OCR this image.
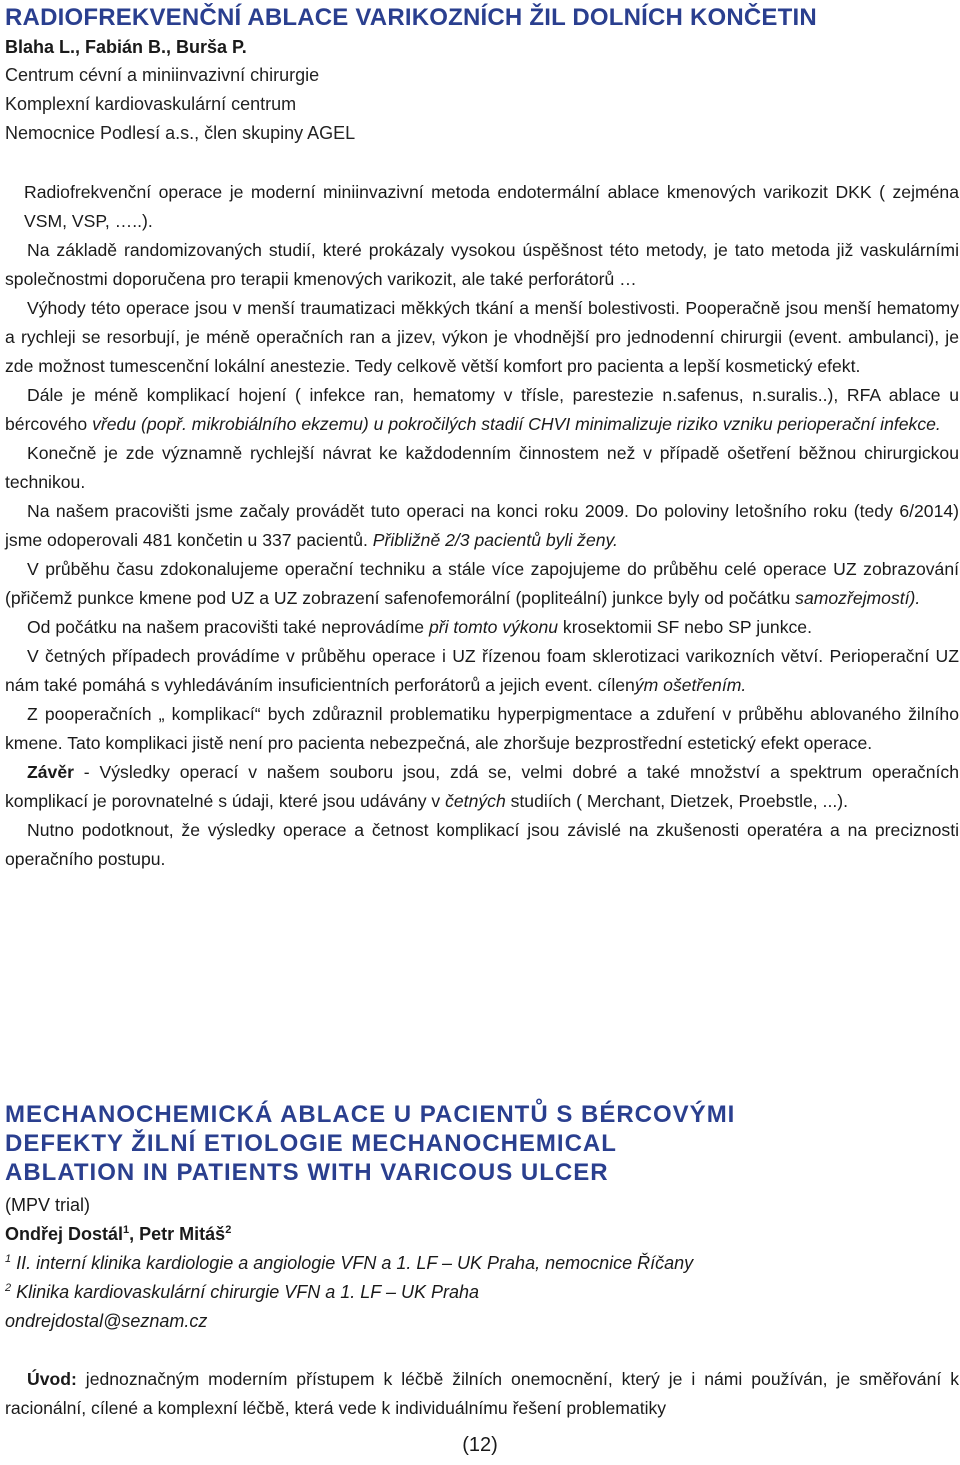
RADIOFREKVENČNÍ ABLACE VARIKOZNÍCH ŽIL DOLNÍCH KONČETIN
Blaha L., Fabián B., Burša P.
Centrum cévní a miniinvazivní chirurgie
Komplexní kardiovaskulární centrum
Nemocnice Podlesí a.s., člen skupiny AGEL

Radiofrekvenční operace je moderní miniinvazivní metoda endotermální ablace kmenových varikozit DKK ( zejména VSM, VSP, …..).

Na základě randomizovaných studií, které prokázaly vysokou úspěšnost této metody, je tato metoda již vaskulárními společnostmi doporučena pro terapii kmenových varikozit, ale také perforátorů …

Výhody této operace jsou v menší traumatizaci měkkých tkání a menší bolestivosti. Pooperačně jsou menší hematomy a rychleji se resorbují, je méně operačních ran a jizev, výkon je vhodnější pro jednodenní chirurgii (event. ambulanci), je zde možnost tumescenční lokální anestezie. Tedy celkově větší komfort pro pacienta a lepší kosmetický efekt.

Dále je méně komplikací hojení ( infekce ran, hematomy v třísle, parestezie n.safenus, n.suralis..), RFA ablace u bércového vředu (popř. mikrobiálního ekzemu) u pokročilých stadií CHVI minimalizuje riziko vzniku perioperační infekce.

Konečně je zde významně rychlejší návrat ke každodenním činnostem než v případě ošetření běžnou chirurgickou technikou.

Na našem pracovišti jsme začaly provádět tuto operaci na konci roku 2009. Do poloviny letošního roku (tedy 6/2014) jsme odoperovali 481 končetin u 337 pacientů. Přibližně 2/3 pacientů byli ženy.

V průběhu času zdokonalujeme operační techniku a stále více zapojujeme do průběhu celé operace UZ zobrazování (přičemž punkce kmene pod UZ a UZ zobrazení safenofemorální (popliteální) junkce byly od počátku samozřejmostí).

Od počátku na našem pracovišti také neprovádíme při tomto výkonu krosektomii SF nebo SP junkce.

V četných případech provádíme v průběhu operace i UZ řízenou foam sklerotizaci varikozních větví. Perioperační UZ nám také pomáhá s vyhledáváním insuficientních perforátorů a jejich event. cíleným ošetřením.

Z pooperačních „ komplikací“ bych zdůraznil problematiku hyperpigmentace a zduření v průběhu ablovaného žilního kmene. Tato komplikaci jistě není pro pacienta nebezpečná, ale zhoršuje bezprostřední estetický efekt operace.

Závěr - Výsledky operací v našem souboru jsou, zdá se, velmi dobré a také množství a spektrum operačních komplikací je porovnatelné s údaji, které jsou udávány v četných studiích ( Merchant, Dietzek, Proebstle, ...).

Nutno podotknout, že výsledky operace a četnost komplikací jsou závislé na zkušenosti operatéra a na preciznosti operačního postupu.

MECHANOCHEMICKÁ ABLACE U PACIENTŮ S BÉRCOVÝMI
DEFEKTY ŽILNÍ ETIOLOGIE MECHANOCHEMICAL
ABLATION IN PATIENTS WITH VARICOUS ULCER
(MPV trial)
Ondřej Dostál$^1$, Petr Mitáš$^2$
$^1$ II. interní klinika kardiologie a angiologie VFN a 1. LF – UK Praha, nemocnice Říčany
$^2$ Klinika kardiovaskulární chirurgie VFN a 1. LF – UK Praha
ondrejdostal@seznam.cz

Úvod: jednoznačným moderním přístupem k léčbě žilních onemocnění, který je i námi používán, je směřování k racionální, cílené a komplexní léčbě, která vede k individuálnímu řešení problematiky

(12)
